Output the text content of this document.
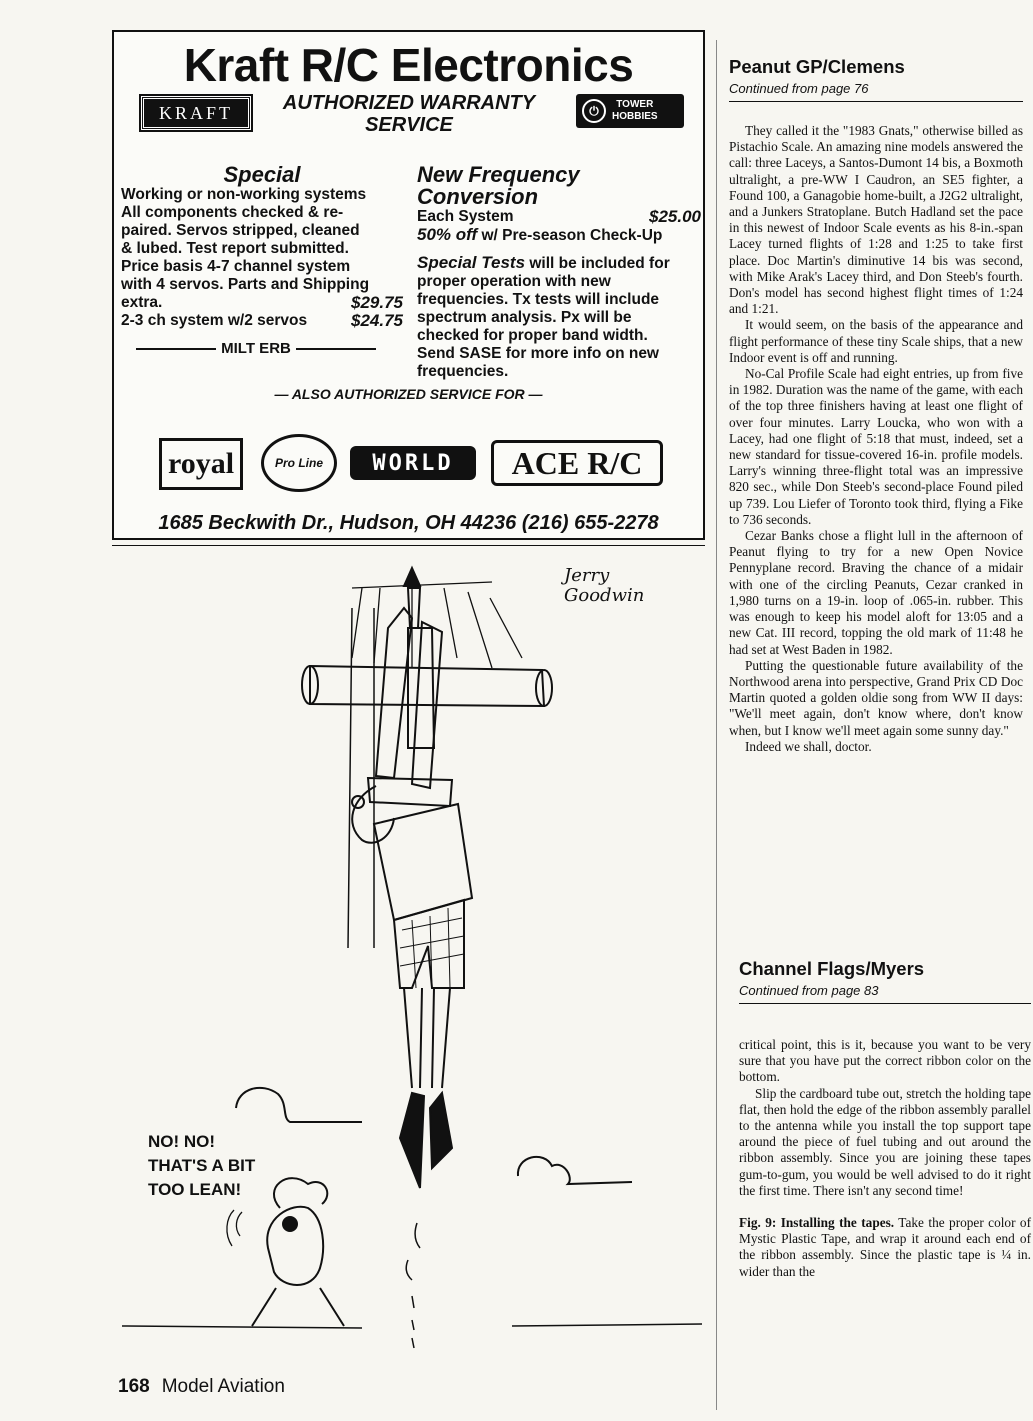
Kraft R/C Electronics
KRAFT	AUTHORIZED WARRANTY
SERVICE
⏻	TOWER
HOBBIES
Special
Working or non-working systems
All components checked & re-
paired. Servos stripped, cleaned
& lubed. Test report submitted.
Price basis 4-7 channel system
with 4 servos. Parts and Shipping
extra.	$29.75
2-3 ch system w/2 servos	$24.75
MILT ERB
New Frequency Conversion
Each System	$25.00
50% off w/ Pre-season Check-Up
Special Tests will be included for
proper operation with new
frequencies. Tx tests will include
spectrum analysis. Px will be
checked for proper band width.
Send SASE for more info on new
frequencies.
— ALSO AUTHORIZED SERVICE FOR —
royal	Pro Line	WORLD	ACE R/C
1685 Beckwith Dr., Hudson, OH 44236 (216) 655-2278
Jerry
Goodwin
NO! NO!
THAT'S A BIT
TOO LEAN!
168 Model Aviation
Peanut GP/Clemens
Continued from page 76

They called it the "1983 Gnats," otherwise billed as Pistachio Scale. An amazing nine models answered the call: three Laceys, a Santos-Dumont 14 bis, a Boxmoth ultralight, a pre-WW I Caudron, an SE5 fighter, a Found 100, a Ganagobie home-built, a J2G2 ultralight, and a Junkers Stratoplane. Butch Hadland set the pace in this newest of Indoor Scale events as his 8-in.-span Lacey turned flights of 1:28 and 1:25 to take first place. Doc Martin's diminutive 14 bis was second, with Mike Arak's Lacey third, and Don Steeb's fourth. Don's model has second highest flight times of 1:24 and 1:21.

It would seem, on the basis of the appearance and flight performance of these tiny Scale ships, that a new Indoor event is off and running.

No-Cal Profile Scale had eight entries, up from five in 1982. Duration was the name of the game, with each of the top three finishers having at least one flight of over four minutes. Larry Loucka, who won with a Lacey, had one flight of 5:18 that must, indeed, set a new standard for tissue-covered 16-in. profile models. Larry's winning three-flight total was an impressive 820 sec., while Don Steeb's second-place Found piled up 739. Lou Liefer of Toronto took third, flying a Fike to 736 seconds.

Cezar Banks chose a flight lull in the afternoon of Peanut flying to try for a new Open Novice Pennyplane record. Braving the chance of a midair with one of the circling Peanuts, Cezar cranked in 1,980 turns on a 19-in. loop of .065-in. rubber. This was enough to keep his model aloft for 13:05 and a new Cat. III record, topping the old mark of 11:48 he had set at West Baden in 1982.

Putting the questionable future availability of the Northwood arena into perspective, Grand Prix CD Doc Martin quoted a golden oldie song from WW II days: "We'll meet again, don't know where, don't know when, but I know we'll meet again some sunny day."

Indeed we shall, doctor.

Channel Flags/Myers
Continued from page 83

critical point, this is it, because you want to be very sure that you have put the correct ribbon color on the bottom.

Slip the cardboard tube out, stretch the holding tape flat, then hold the edge of the ribbon assembly parallel to the antenna while you install the top support tape around the piece of fuel tubing and out around the ribbon assembly. Since you are joining these tapes gum-to-gum, you would be well advised to do it right the first time. There isn't any second time!

Fig. 9: Installing the tapes. Take the proper color of Mystic Plastic Tape, and wrap it around each end of the ribbon assembly. Since the plastic tape is ¼ in. wider than the
